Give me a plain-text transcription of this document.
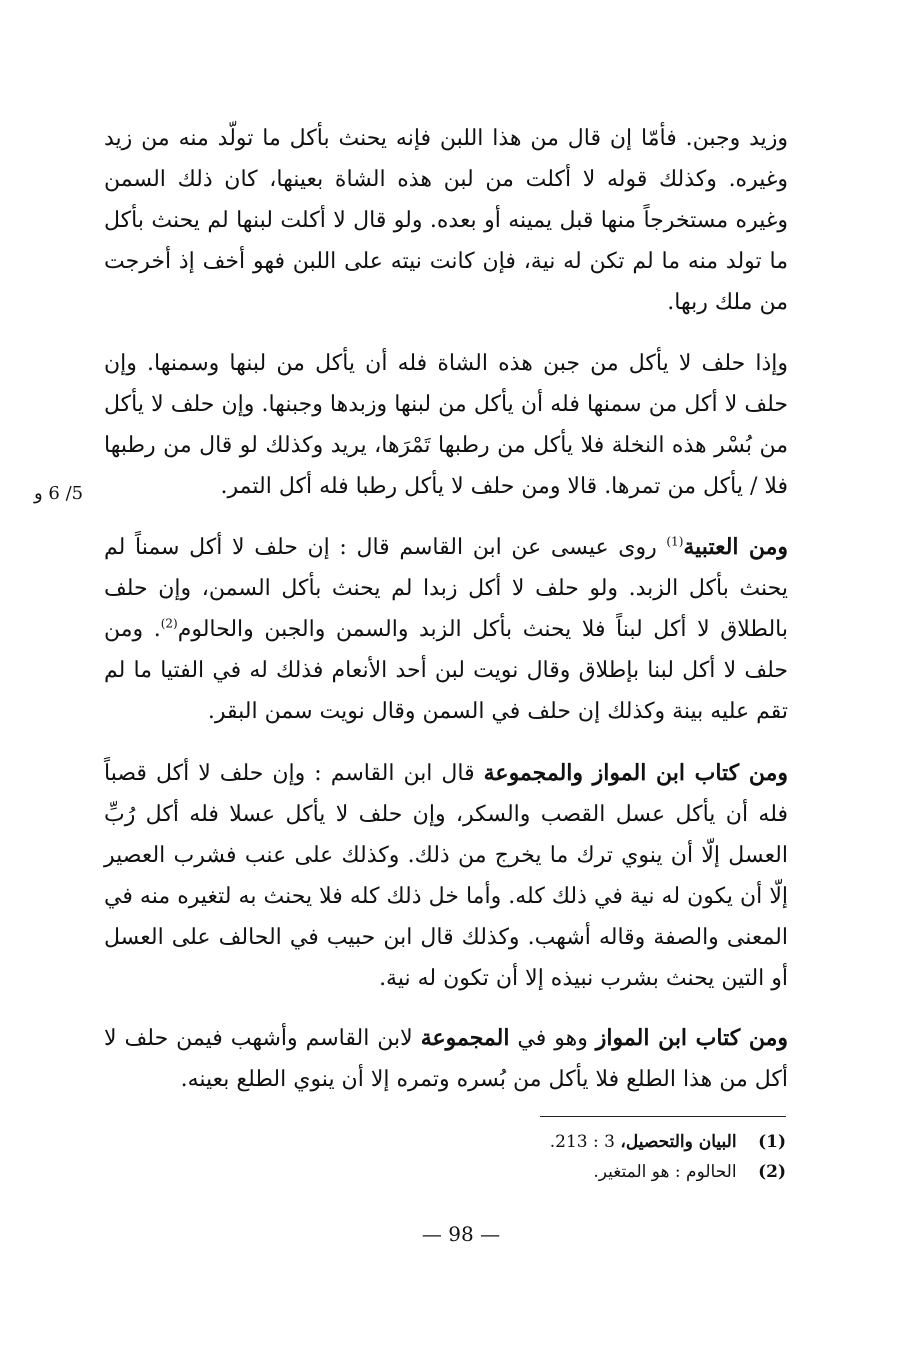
وزيد وجبن. فأمّا إن قال من هذا اللبن فإنه يحنث بأكل ما تولّد منه من زيد وغيره. وكذلك قوله لا أكلت من لبن هذه الشاة بعينها، كان ذلك السمن وغيره مستخرجاً منها قبل يمينه أو بعده. ولو قال لا أكلت لبنها لم يحنث بأكل ما تولد منه ما لم تكن له نية، فإن كانت نيته على اللبن فهو أخف إذ أخرجت من ملك ربها.

وإذا حلف لا يأكل من جبن هذه الشاة فله أن يأكل من لبنها وسمنها. وإن حلف لا أكل من سمنها فله أن يأكل من لبنها وزبدها وجبنها. وإن حلف لا يأكل من بُسْر هذه النخلة فلا يأكل من رطبها تَمْرَها، يريد وكذلك لو قال من رطبها فلا / يأكل من تمرها. قالا ومن حلف لا يأكل رطبا فله أكل التمر.

5/ 6 و

ومن العتبية$^{(1)}$ روى عيسى عن ابن القاسم قال : إن حلف لا أكل سمناً لم يحنث بأكل الزبد. ولو حلف لا أكل زبدا لم يحنث بأكل السمن، وإن حلف بالطلاق لا أكل لبناً فلا يحنث بأكل الزبد والسمن والجبن والحالوم$^{(2)}$. ومن حلف لا أكل لبنا بإطلاق وقال نويت لبن أحد الأنعام فذلك له في الفتيا ما لم تقم عليه بينة وكذلك إن حلف في السمن وقال نويت سمن البقر.

ومن كتاب ابن المواز والمجموعة قال ابن القاسم : وإن حلف لا أكل قصباً فله أن يأكل عسل القصب والسكر، وإن حلف لا يأكل عسلا فله أكل رُبِّ العسل إلّا أن ينوي ترك ما يخرج من ذلك. وكذلك على عنب فشرب العصير إلّا أن يكون له نية في ذلك كله. وأما خل ذلك كله فلا يحنث به لتغيره منه في المعنى والصفة وقاله أشهب. وكذلك قال ابن حبيب في الحالف على العسل أو التين يحنث بشرب نبيذه إلا أن تكون له نية.

ومن كتاب ابن المواز وهو في المجموعة لابن القاسم وأشهب فيمن حلف لا أكل من هذا الطلع فلا يأكل من بُسره وتمره إلا أن ينوي الطلع بعينه.

(1) البيان والتحصيل، 3 : 213.
(2) الحالوم : هو المتغير.
— 98 —
